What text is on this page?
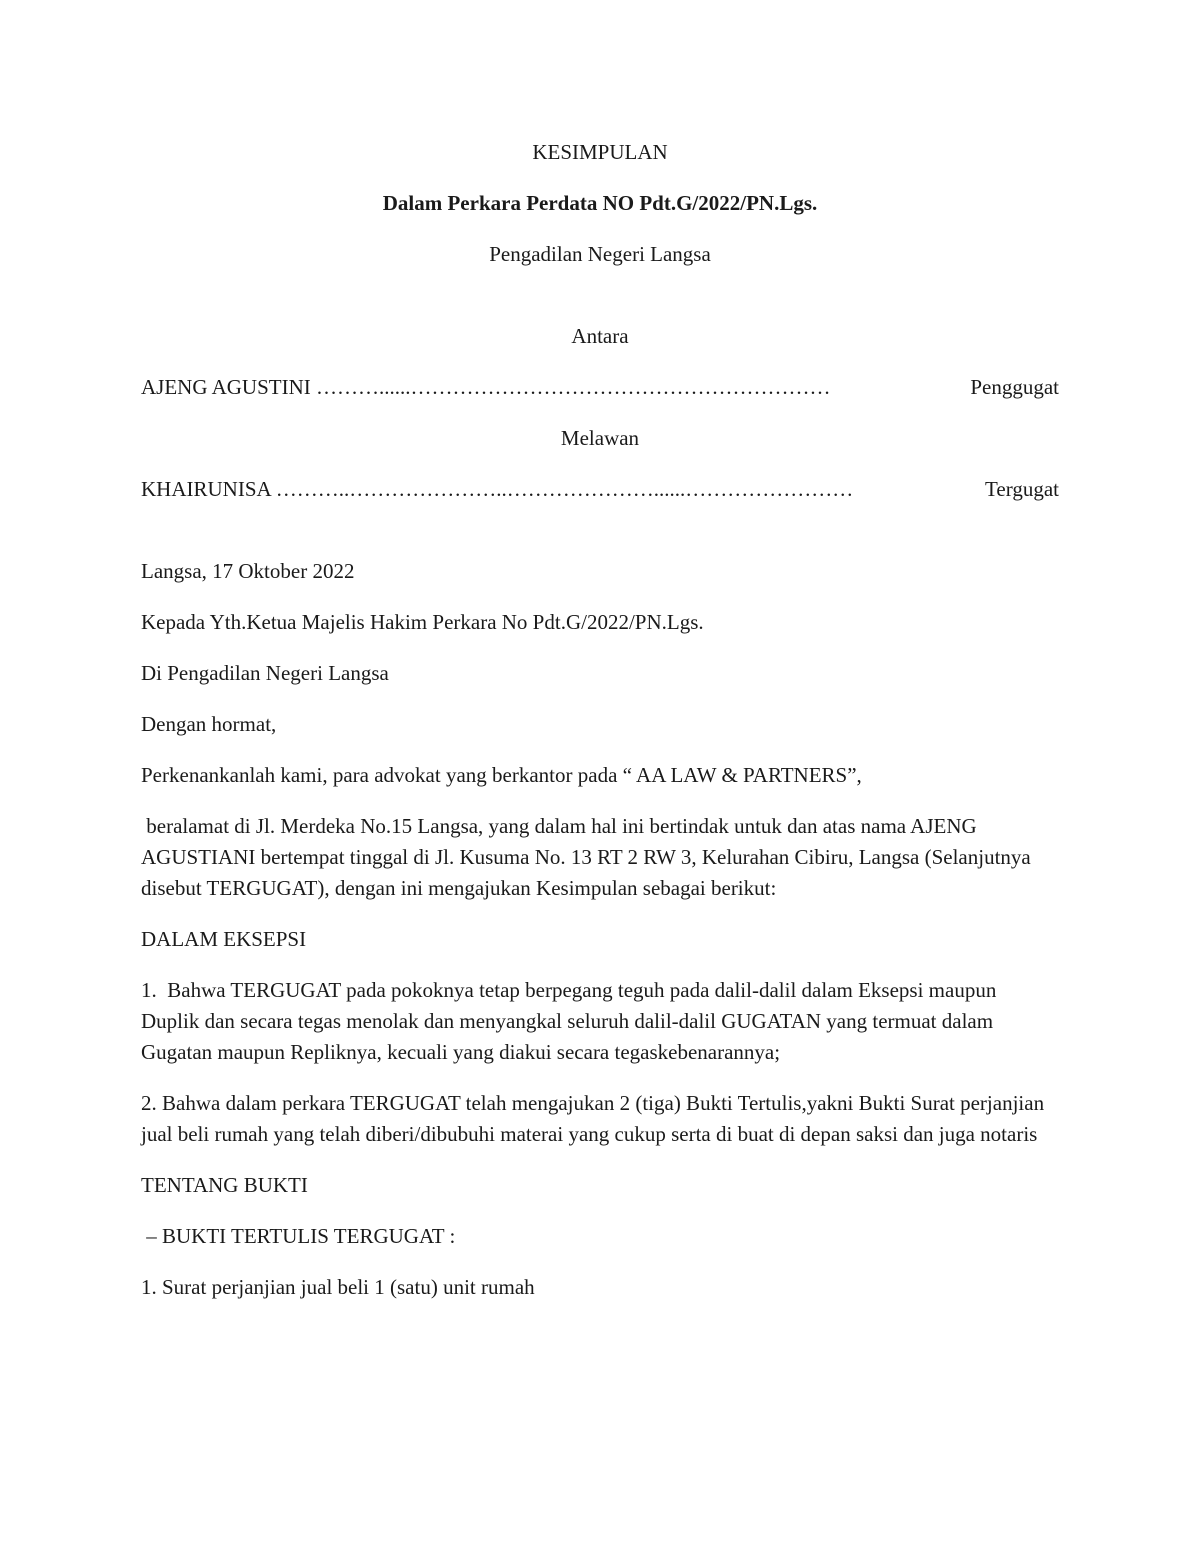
KESIMPULAN

Dalam Perkara Perdata NO Pdt.G/2022/PN.Lgs.

Pengadilan Negeri Langsa

Antara

AJENG AGUSTINI ………......……………………………………………………	Penggugat

Melawan

KHAIRUNISA ………..…………………..…………………......……………………	Tergugat

Langsa, 17 Oktober 2022

Kepada Yth.Ketua Majelis Hakim Perkara No Pdt.G/2022/PN.Lgs.

Di Pengadilan Negeri Langsa

Dengan hormat,

Perkenankanlah kami, para advokat yang berkantor pada “ AA LAW & PARTNERS”,

beralamat di Jl. Merdeka No.15 Langsa, yang dalam hal ini bertindak untuk dan atas nama AJENG AGUSTIANI bertempat tinggal di Jl. Kusuma No. 13 RT 2 RW 3, Kelurahan Cibiru, Langsa (Selanjutnya disebut TERGUGAT), dengan ini mengajukan Kesimpulan sebagai berikut:

DALAM EKSEPSI

1.  Bahwa TERGUGAT pada pokoknya tetap berpegang teguh pada dalil-dalil dalam Eksepsi maupun Duplik dan secara tegas menolak dan menyangkal seluruh dalil-dalil GUGATAN yang termuat dalam Gugatan maupun Repliknya, kecuali yang diakui secara tegaskebenarannya;

2. Bahwa dalam perkara TERGUGAT telah mengajukan 2 (tiga) Bukti Tertulis,yakni Bukti Surat perjanjian jual beli rumah yang telah diberi/dibubuhi materai yang cukup serta di buat di depan saksi dan juga notaris

TENTANG BUKTI

– BUKTI TERTULIS TERGUGAT :

1. Surat perjanjian jual beli 1 (satu) unit rumah
